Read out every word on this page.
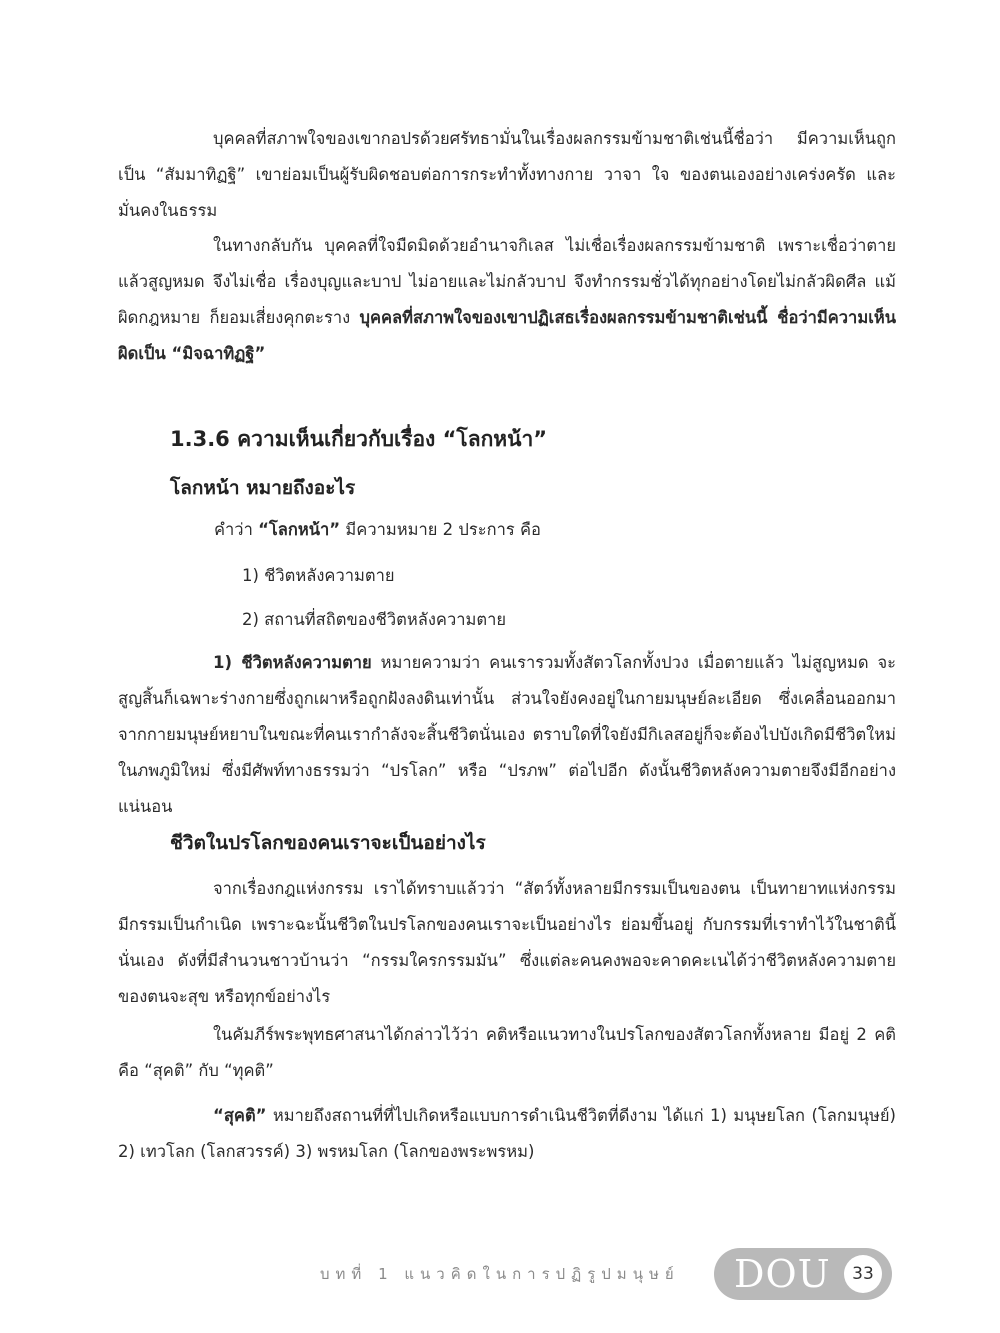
บุคคลที่สภาพใจของเขากอปรด้วยศรัทธามั่นในเรื่องผลกรรมข้ามชาติเช่นนี้ชื่อว่า มีความเห็นถูกเป็น “สัมมาทิฏฐิ” เขาย่อมเป็นผู้รับผิดชอบต่อการกระทำทั้งทางกาย วาจา ใจ ของตนเองอย่างเคร่งครัด และมั่นคงในธรรม

ในทางกลับกัน บุคคลที่ใจมืดมิดด้วยอำนาจกิเลส ไม่เชื่อเรื่องผลกรรมข้ามชาติ เพราะเชื่อว่าตายแล้วสูญหมด จึงไม่เชื่อ เรื่องบุญและบาป ไม่อายและไม่กลัวบาป จึงทำกรรมชั่วได้ทุกอย่างโดยไม่กลัวผิดศีล แม้ผิดกฎหมาย ก็ยอมเสี่ยงคุกตะราง บุคคลที่สภาพใจของเขาปฏิเสธเรื่องผลกรรมข้ามชาติเช่นนี้ ชื่อว่ามีความเห็นผิดเป็น “มิจฉาทิฏฐิ”

1.3.6 ความเห็นเกี่ยวกับเรื่อง “โลกหน้า”
โลกหน้า หมายถึงอะไร

คำว่า “โลกหน้า” มีความหมาย 2 ประการ คือ

1) ชีวิตหลังความตาย

2) สถานที่สถิตของชีวิตหลังความตาย

1) ชีวิตหลังความตาย หมายความว่า คนเรารวมทั้งสัตวโลกทั้งปวง เมื่อตายแล้ว ไม่สูญหมด จะสูญสิ้นก็เฉพาะร่างกายซึ่งถูกเผาหรือถูกฝังลงดินเท่านั้น ส่วนใจยังคงอยู่ในกายมนุษย์ละเอียด ซึ่งเคลื่อนออกมาจากกายมนุษย์หยาบในขณะที่คนเรากำลังจะสิ้นชีวิตนั่นเอง ตราบใดที่ใจยังมีกิเลสอยู่ก็จะต้องไปบังเกิดมีชีวิตใหม่ในภพภูมิใหม่ ซึ่งมีศัพท์ทางธรรมว่า “ปรโลก” หรือ “ปรภพ” ต่อไปอีก ดังนั้นชีวิตหลังความตายจึงมีอีกอย่างแน่นอน

ชีวิตในปรโลกของคนเราจะเป็นอย่างไร

จากเรื่องกฎแห่งกรรม เราได้ทราบแล้วว่า “สัตว์ทั้งหลายมีกรรมเป็นของตน เป็นทายาทแห่งกรรม มีกรรมเป็นกำเนิด เพราะฉะนั้นชีวิตในปรโลกของคนเราจะเป็นอย่างไร ย่อมขึ้นอยู่ กับกรรมที่เราทำไว้ในชาตินี้นั่นเอง ดังที่มีสำนวนชาวบ้านว่า “กรรมใครกรรมมัน” ซึ่งแต่ละคนคงพอจะคาดคะเนได้ว่าชีวิตหลังความตายของตนจะสุข หรือทุกข์อย่างไร

ในคัมภีร์พระพุทธศาสนาได้กล่าวไว้ว่า คติหรือแนวทางในปรโลกของสัตวโลกทั้งหลาย มีอยู่ 2 คติ คือ “สุคติ” กับ “ทุคติ”

“สุคติ” หมายถึงสถานที่ที่ไปเกิดหรือแบบการดำเนินชีวิตที่ดีงาม ได้แก่ 1) มนุษยโลก (โลกมนุษย์) 2) เทวโลก (โลกสวรรค์) 3) พรหมโลก (โลกของพระพรหม)

บทที่ 1 แนวคิดในการปฏิรูปมนุษย์ DOU 33
